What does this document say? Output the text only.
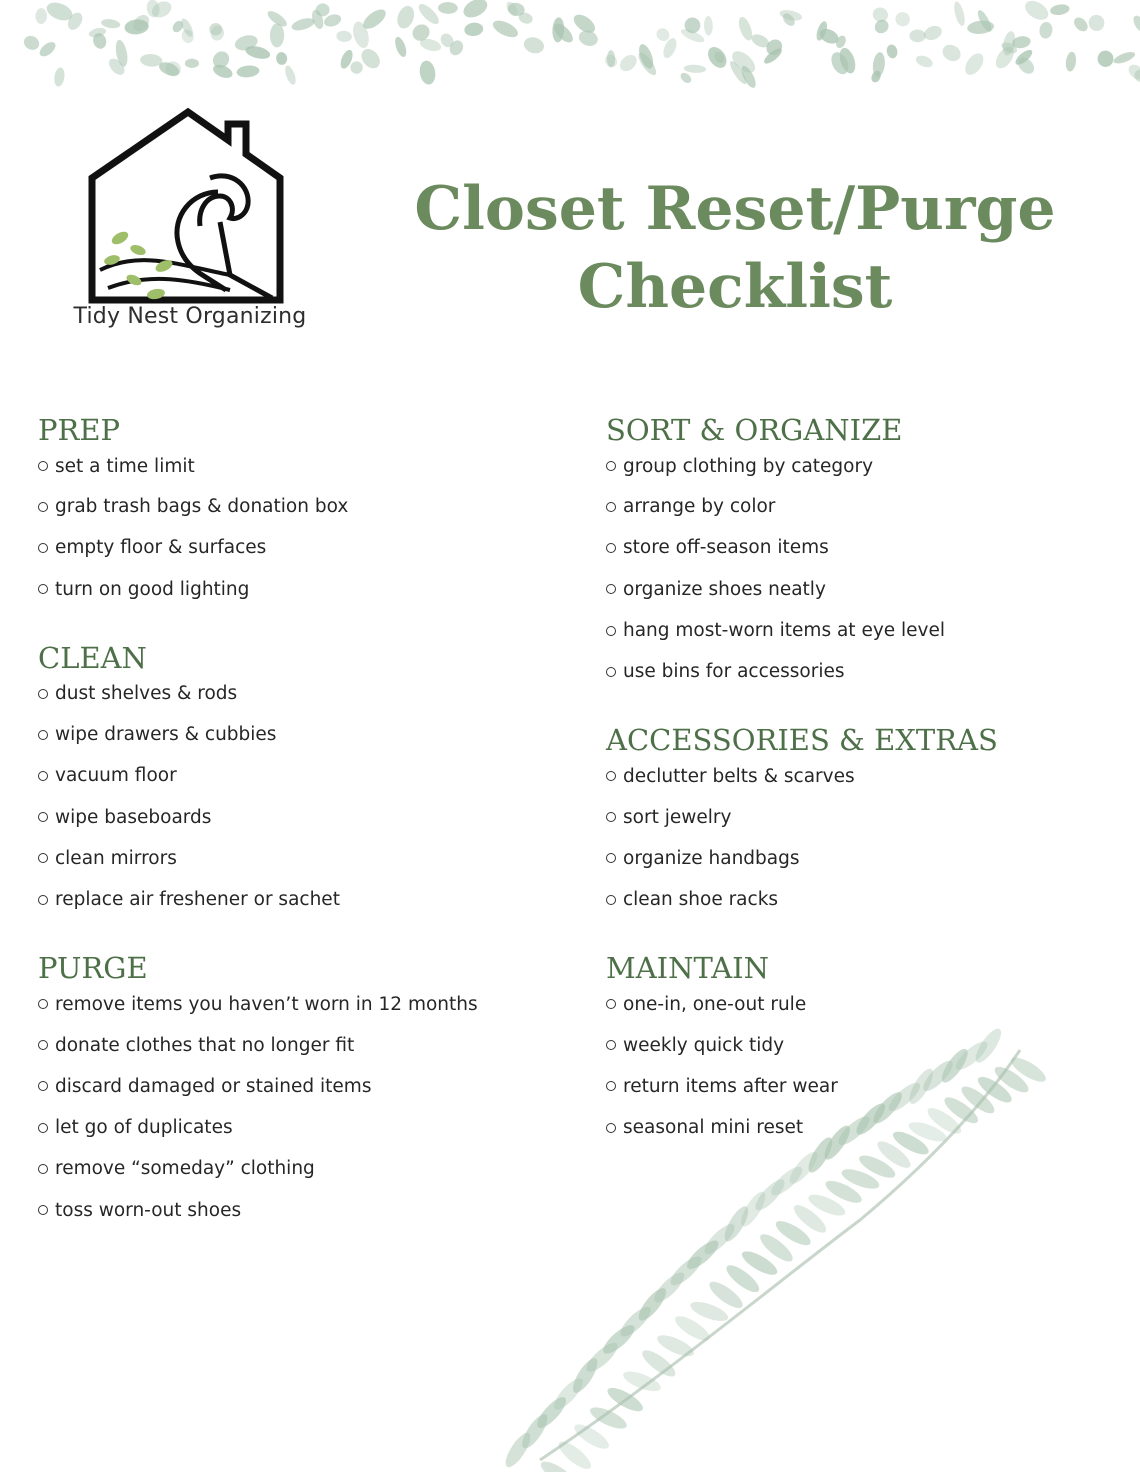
Tidy Nest Organizing
Closet Reset/Purge
Checklist
PREP
set a time limit
grab trash bags & donation box
empty floor & surfaces
turn on good lighting
CLEAN
dust shelves & rods
wipe drawers & cubbies
vacuum floor
wipe baseboards
clean mirrors
replace air freshener or sachet
PURGE
remove items you haven’t worn in 12 months
donate clothes that no longer fit
discard damaged or stained items
let go of duplicates
remove “someday” clothing
toss worn-out shoes
SORT & ORGANIZE
group clothing by category
arrange by color
store off-season items
organize shoes neatly
hang most-worn items at eye level
use bins for accessories
ACCESSORIES & EXTRAS
declutter belts & scarves
sort jewelry
organize handbags
clean shoe racks
MAINTAIN
one-in, one-out rule
weekly quick tidy
return items after wear
seasonal mini reset
